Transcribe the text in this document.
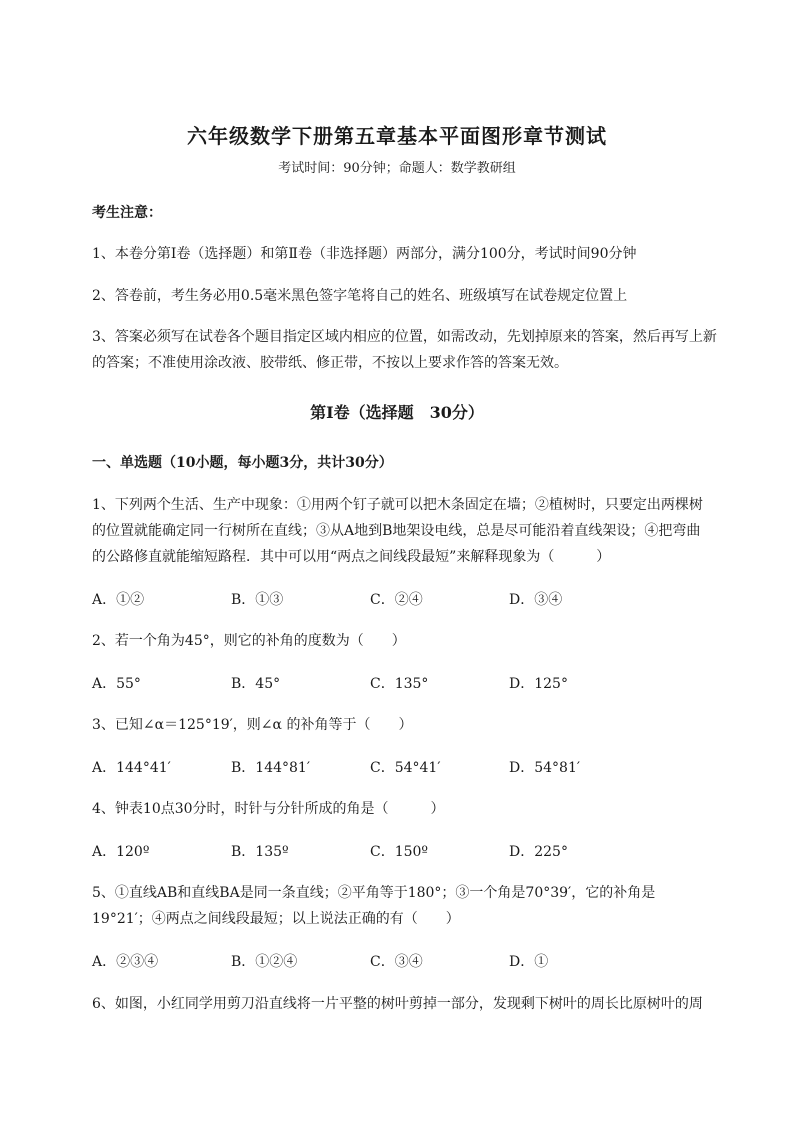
六年级数学下册第五章基本平面图形章节测试
考试时间：90分钟；命题人：数学教研组
考生注意：
1、本卷分第I卷（选择题）和第Ⅱ卷（非选择题）两部分，满分100分，考试时间90分钟
2、答卷前，考生务必用0.5毫米黑色签字笔将自己的姓名、班级填写在试卷规定位置上
3、答案必须写在试卷各个题目指定区域内相应的位置，如需改动，先划掉原来的答案，然后再写上新
的答案；不准使用涂改液、胶带纸、修正带，不按以上要求作答的答案无效。
第I卷（选择题　30分）
一、单选题（10小题，每小题3分，共计30分）
1、下列两个生活、生产中现象：①用两个钉子就可以把木条固定在墙；②植树时，只要定出两棵树
的位置就能确定同一行树所在直线；③从A地到B地架设电线，总是尽可能沿着直线架设；④把弯曲
的公路修直就能缩短路程．其中可以用“两点之间线段最短”来解释现象为（　　　）
A．①②	B．①③	C．②④	D．③④
2、若一个角为45°，则它的补角的度数为（　　）
A．55°	B．45°	C．135°	D．125°
3、已知∠α＝125°19′，则∠α 的补角等于（　　）
A．144°41′	B．144°81′	C．54°41′	D．54°81′
4、钟表10点30分时，时针与分针所成的角是（　　　）
A．120º	B．135º	C．150º	D．225°
5、①直线AB和直线BA是同一条直线；②平角等于180°；③一个角是70°39′，它的补角是
19°21′；④两点之间线段最短；以上说法正确的有（　　）
A．②③④	B．①②④	C．③④	D．①
6、如图，小红同学用剪刀沿直线将一片平整的树叶剪掉一部分，发现剩下树叶的周长比原树叶的周
